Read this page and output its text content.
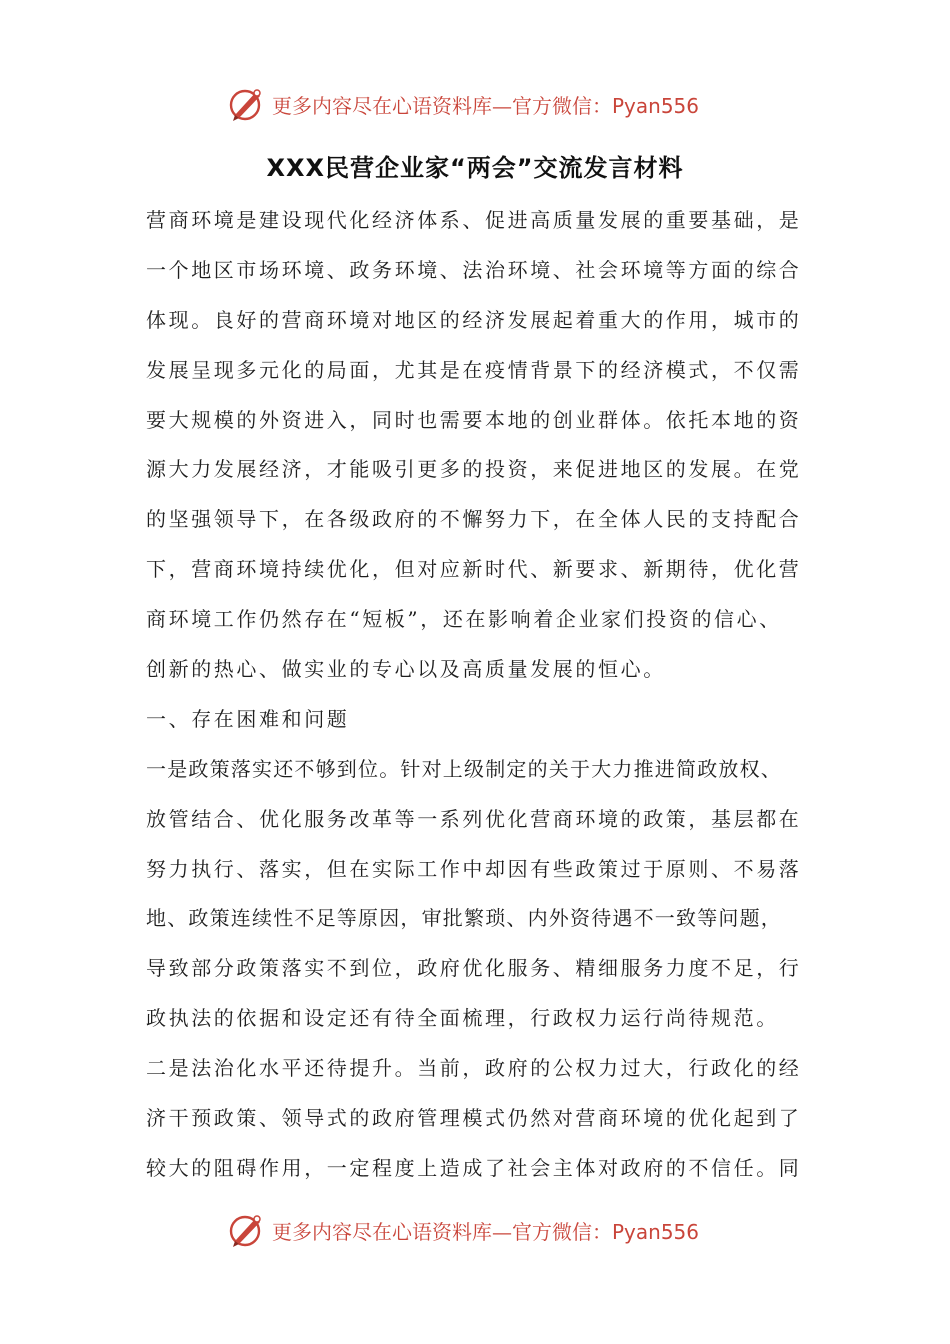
更多内容尽在心语资料库—官方微信：Pyan556
XXX民营企业家“两会”交流发言材料
营商环境是建设现代化经济体系、促进高质量发展的重要基础，是
一个地区市场环境、政务环境、法治环境、社会环境等方面的综合
体现。良好的营商环境对地区的经济发展起着重大的作用，城市的
发展呈现多元化的局面，尤其是在疫情背景下的经济模式，不仅需
要大规模的外资进入，同时也需要本地的创业群体。依托本地的资
源大力发展经济，才能吸引更多的投资，来促进地区的发展。在党
的坚强领导下，在各级政府的不懈努力下，在全体人民的支持配合
下，营商环境持续优化，但对应新时代、新要求、新期待，优化营
商环境工作仍然存在“短板”，还在影响着企业家们投资的信心、
创新的热心、做实业的专心以及高质量发展的恒心。
一、存在困难和问题
一是政策落实还不够到位。针对上级制定的关于大力推进简政放权、
放管结合、优化服务改革等一系列优化营商环境的政策，基层都在
努力执行、落实，但在实际工作中却因有些政策过于原则、不易落
地、政策连续性不足等原因，审批繁琐、内外资待遇不一致等问题，
导致部分政策落实不到位，政府优化服务、精细服务力度不足，行
政执法的依据和设定还有待全面梳理，行政权力运行尚待规范。
二是法治化水平还待提升。当前，政府的公权力过大，行政化的经
济干预政策、领导式的政府管理模式仍然对营商环境的优化起到了
较大的阻碍作用，一定程度上造成了社会主体对政府的不信任。同
更多内容尽在心语资料库—官方微信：Pyan556
